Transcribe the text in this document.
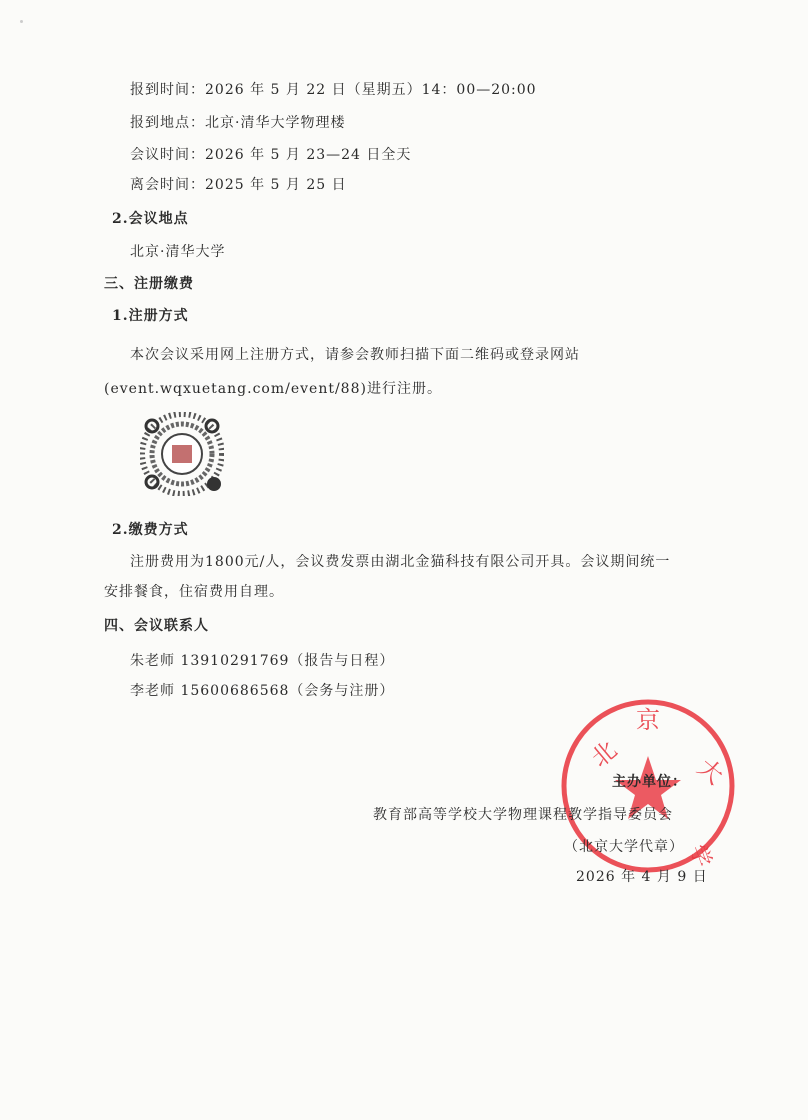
报到时间：2026 年 5 月 22 日（星期五）14：00—20:00
报到地点：北京·清华大学物理楼
会议时间：2026 年 5 月 23—24 日全天
离会时间：2025 年 5 月 25 日
2.会议地点
北京·清华大学
三、注册缴费
1.注册方式
本次会议采用网上注册方式，请参会教师扫描下面二维码或登录网站
(event.wqxuetang.com/event/88)进行注册。
2.缴费方式
注册费用为1800元/人，会议费发票由湖北金猫科技有限公司开具。会议期间统一
安排餐食，住宿费用自理。
四、会议联系人
朱老师 13910291769（报告与日程）
李老师 15600686568（会务与注册）
北
京
大
学
主办单位：
教育部高等学校大学物理课程教学指导委员会
（北京大学代章）
2026 年 4 月 9 日
